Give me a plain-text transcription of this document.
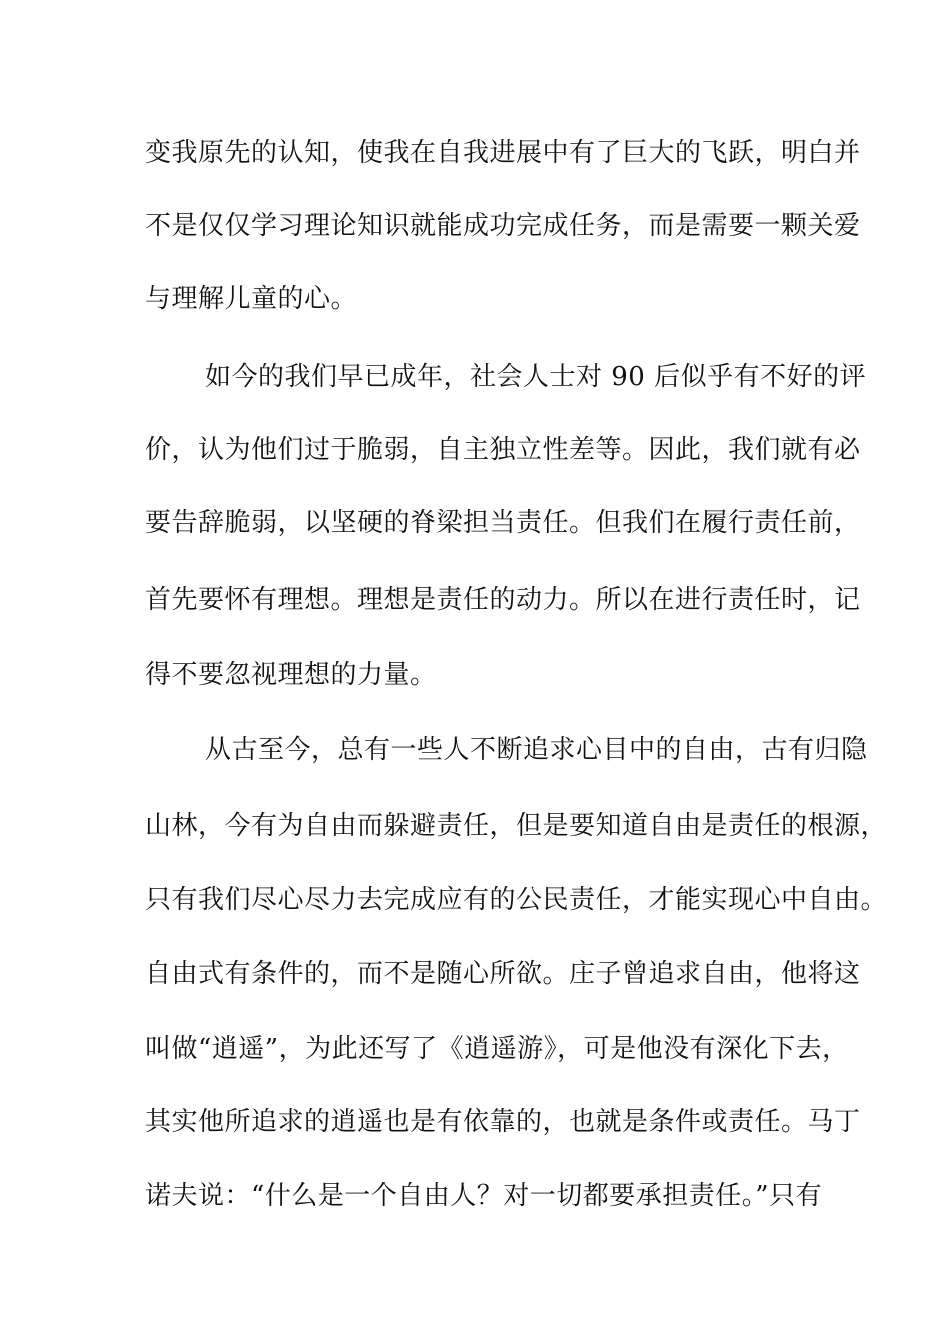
变我原先的认知，使我在自我进展中有了巨大的飞跃，明白并
不是仅仅学习理论知识就能成功完成任务，而是需要一颗关爱
与理解儿童的心。
如今的我们早已成年，社会人士对 90 后似乎有不好的评
价，认为他们过于脆弱，自主独立性差等。因此，我们就有必
要告辞脆弱，以坚硬的脊梁担当责任。但我们在履行责任前，
首先要怀有理想。理想是责任的动力。所以在进行责任时，记
得不要忽视理想的力量。
从古至今，总有一些人不断追求心目中的自由，古有归隐
山林，今有为自由而躲避责任，但是要知道自由是责任的根源，
只有我们尽心尽力去完成应有的公民责任，才能实现心中自由。
自由式有条件的，而不是随心所欲。庄子曾追求自由，他将这
叫做“逍遥”，为此还写了《逍遥游》，可是他没有深化下去，
其实他所追求的逍遥也是有依靠的，也就是条件或责任。马丁
诺夫说：“什么是一个自由人？对一切都要承担责任。”只有
